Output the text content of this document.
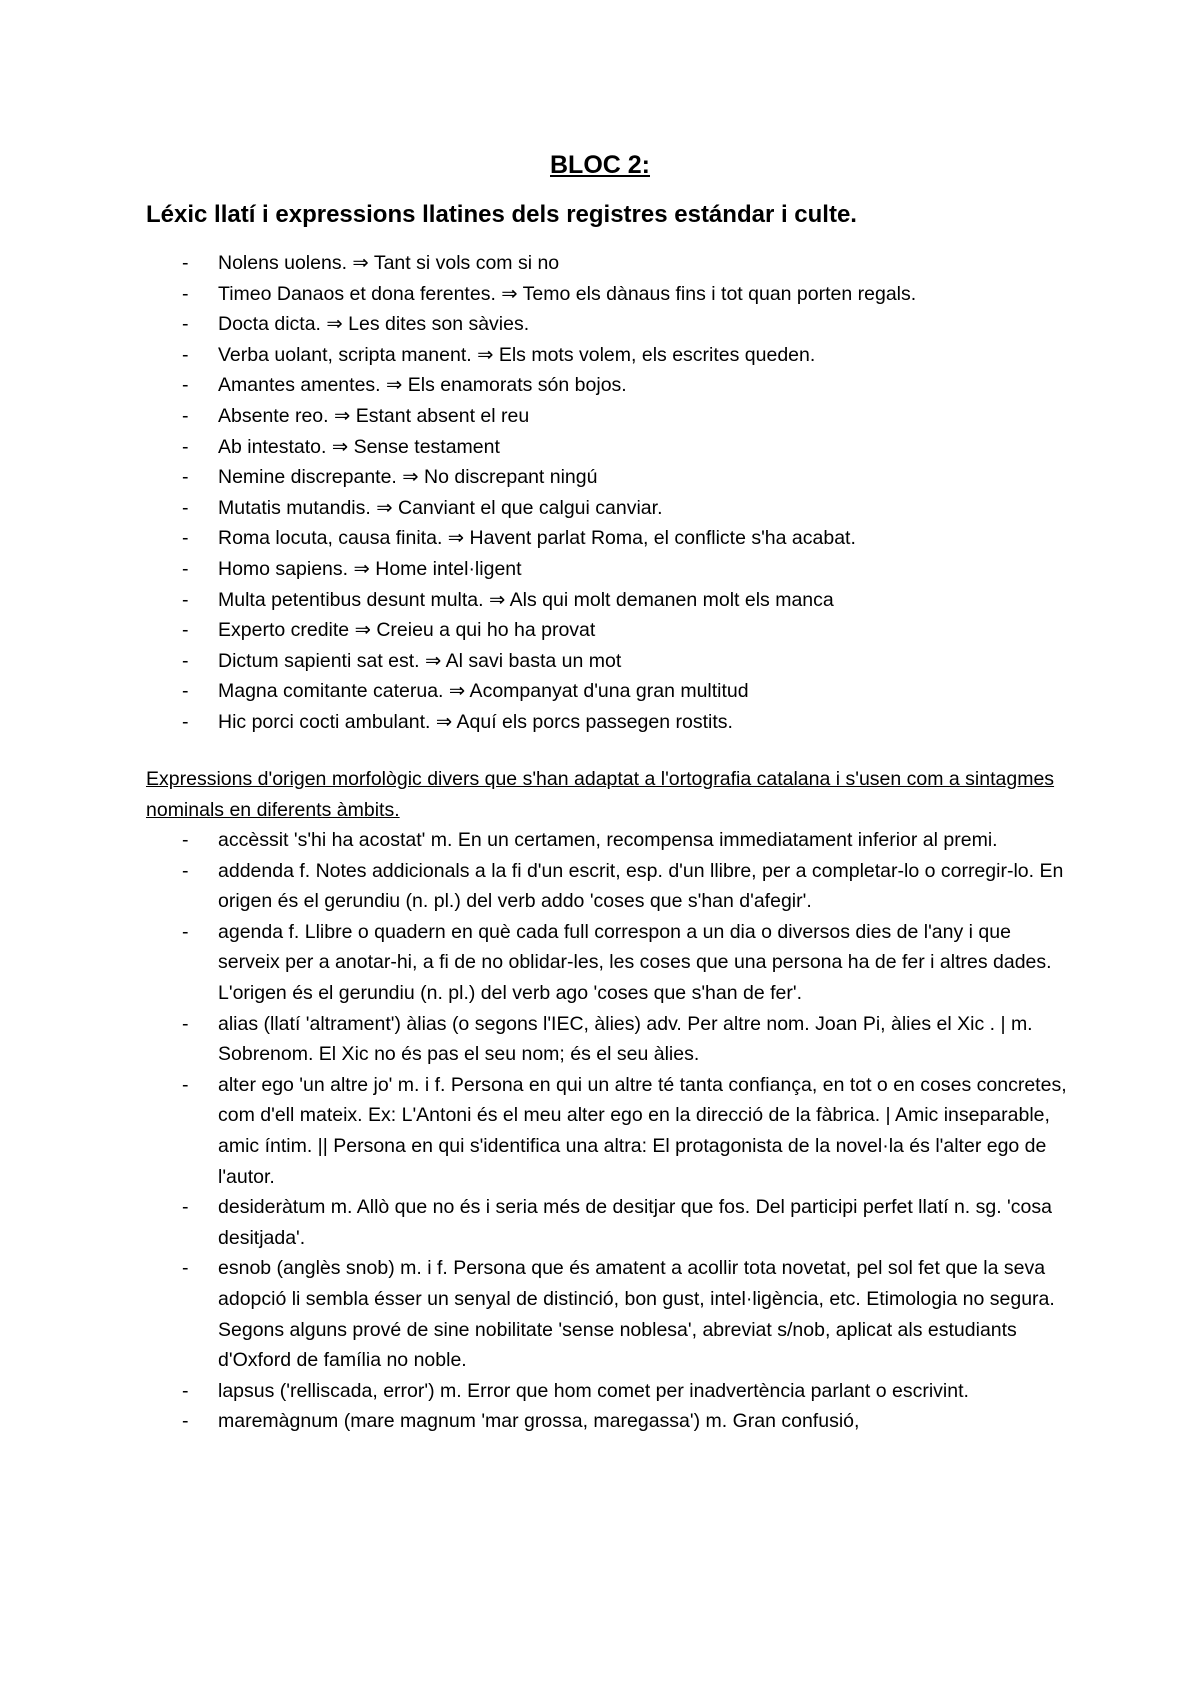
BLOC 2:
Léxic llatí i expressions llatines dels registres estándar i culte.
- Nolens uolens. ⇒ Tant si vols com si no
- Timeo Danaos et dona ferentes. ⇒ Temo els dànaus fins i tot quan porten regals.
- Docta dicta. ⇒ Les dites son sàvies.
- Verba uolant, scripta manent. ⇒ Els mots volem, els escrites queden.
- Amantes amentes. ⇒ Els enamorats són bojos.
- Absente reo. ⇒ Estant absent el reu
- Ab intestato. ⇒ Sense testament
- Nemine discrepante. ⇒ No discrepant ningú
- Mutatis mutandis. ⇒ Canviant el que calgui canviar.
- Roma locuta, causa finita. ⇒ Havent parlat Roma, el conflicte s'ha acabat.
- Homo sapiens. ⇒ Home intel·ligent
- Multa petentibus desunt multa. ⇒ Als qui molt demanen molt els manca
- Experto credite ⇒ Creieu a qui ho ha provat
- Dictum sapienti sat est. ⇒ Al savi basta un mot
- Magna comitante caterua. ⇒ Acompanyat d'una gran multitud
- Hic porci cocti ambulant. ⇒ Aquí els porcs passegen rostits.

Expressions d'origen morfològic divers que s'han adaptat a l'ortografia catalana i s'usen com a sintagmes nominals en diferents àmbits.

- accèssit 's'hi ha acostat' m. En un certamen, recompensa immediatament inferior al premi.
- addenda f. Notes addicionals a la fi d'un escrit, esp. d'un llibre, per a completar-lo o corregir-lo. En origen és el gerundiu (n. pl.) del verb addo 'coses que s'han d'afegir'.
- agenda f. Llibre o quadern en què cada full correspon a un dia o diversos dies de l'any i que serveix per a anotar-hi, a fi de no oblidar-les, les coses que una persona ha de fer i altres dades. L'origen és el gerundiu (n. pl.) del verb ago 'coses que s'han de fer'.
- alias (llatí 'altrament') àlias (o segons l'IEC, àlies) adv. Per altre nom. Joan Pi, àlies el Xic . | m. Sobrenom. El Xic no és pas el seu nom; és el seu àlies.
- alter ego 'un altre jo' m. i f. Persona en qui un altre té tanta confiança, en tot o en coses concretes, com d'ell mateix. Ex: L'Antoni és el meu alter ego en la direcció de la fàbrica. | Amic inseparable, amic íntim. || Persona en qui s'identifica una altra: El protagonista de la novel·la és l'alter ego de l'autor.
- desideràtum m. Allò que no és i seria més de desitjar que fos. Del participi perfet llatí n. sg. 'cosa desitjada'.
- esnob (anglès snob) m. i f. Persona que és amatent a acollir tota novetat, pel sol fet que la seva adopció li sembla ésser un senyal de distinció, bon gust, intel·ligència, etc. Etimologia no segura. Segons alguns prové de sine nobilitate 'sense noblesa', abreviat s/nob, aplicat als estudiants d'Oxford de família no noble.
- lapsus ('relliscada, error') m. Error que hom comet per inadvertència parlant o escrivint.
- maremàgnum (mare magnum 'mar grossa, maregassa') m. Gran confusió,
